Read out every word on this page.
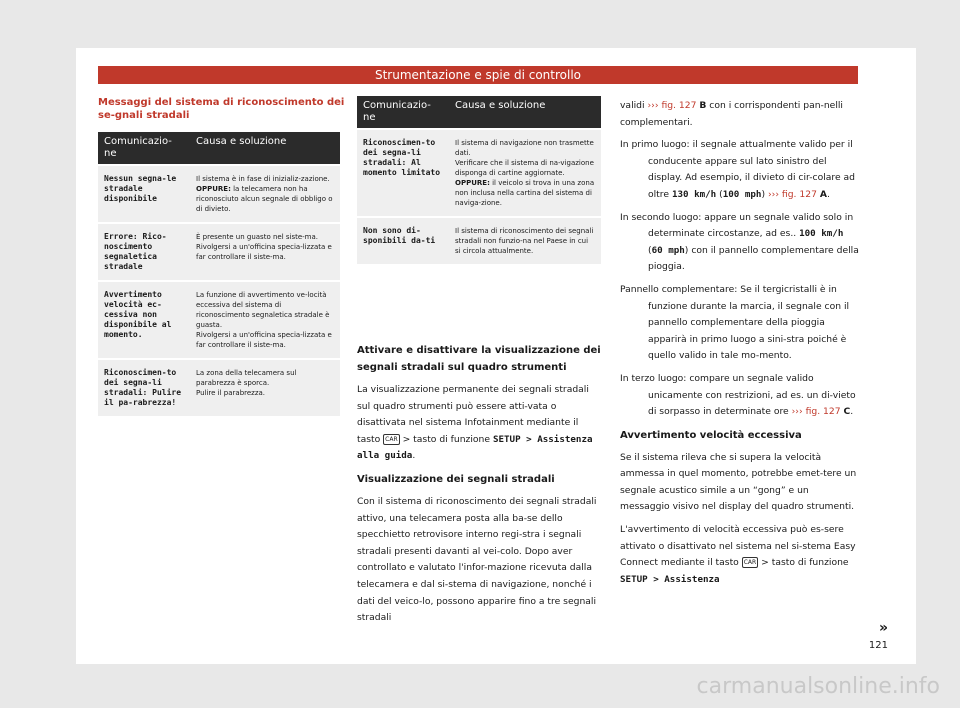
Strumentazione e spie di controllo
Messaggi del sistema di riconoscimento dei se-gnali stradali
Comunicazio-ne	Causa e soluzione
Nessun segna-le stradale disponibile	Il sistema è in fase di inizializ-zazione.
OPPURE: la telecamera non ha riconosciuto alcun segnale di obbligo o di divieto.
Errore: Rico-noscimento segnaletica stradale	È presente un guasto nel siste-ma.
Rivolgersi a un'officina specia-lizzata e far controllare il siste-ma.
Avvertimento velocità ec-cessiva non disponibile al momento.	La funzione di avvertimento ve-locità eccessiva del sistema di riconoscimento segnaletica stradale è guasta.
Rivolgersi a un'officina specia-lizzata e far controllare il siste-ma.
Riconoscimen-to dei segna-li stradali: Pulire il pa-rabrezza!	La zona della telecamera sul parabrezza è sporca.
Pulire il parabrezza.
Comunicazio-ne	Causa e soluzione
Riconoscimen-to dei segna-li stradali: Al momento limitato	Il sistema di navigazione non trasmette dati.
Verificare che il sistema di na-vigazione disponga di cartine aggiornate.
OPPURE: il veicolo si trova in una zona non inclusa nella cartina del sistema di naviga-zione.
Non sono di-sponibili da-ti	Il sistema di riconoscimento dei segnali stradali non funzio-na nel Paese in cui si circola attualmente.

Attivare e disattivare la visualizzazione dei segnali stradali sul quadro strumenti

La visualizzazione permanente dei segnali stradali sul quadro strumenti può essere atti-vata o disattivata nel sistema Infotainment mediante il tasto CAR > tasto di funzione SETUP > Assistenza alla guida.

Visualizzazione dei segnali stradali

Con il sistema di riconoscimento dei segnali stradali attivo, una telecamera posta alla ba-se dello specchietto retrovisore interno regi-stra i segnali stradali presenti davanti al vei-colo. Dopo aver controllato e valutato l'infor-mazione ricevuta dalla telecamera e dal si-stema di navigazione, nonché i dati del veico-lo, possono apparire fino a tre segnali stradali

validi ››› fig. 127 B con i corrispondenti pan-nelli complementari.

In primo luogo: il segnale attualmente valido per il conducente appare sul lato sinistro del display. Ad esempio, il divieto di cir-colare ad oltre 130 km/h (100 mph) ››› fig. 127 A.

In secondo luogo: appare un segnale valido solo in determinate circostanze, ad es.. 100 km/h (60 mph) con il pannello complementare della pioggia.

Pannello complementare: Se il tergicristalli è in funzione durante la marcia, il segnale con il pannello complementare della pioggia apparirà in primo luogo a sini-stra poiché è quello valido in tale mo-mento.

In terzo luogo: compare un segnale valido unicamente con restrizioni, ad es. un di-vieto di sorpasso in determinate ore ››› fig. 127 C.

Avvertimento velocità eccessiva

Se il sistema rileva che si supera la velocità ammessa in quel momento, potrebbe emet-tere un segnale acustico simile a un “gong” e un messaggio visivo nel display del quadro strumenti.

L'avvertimento di velocità eccessiva può es-sere attivato o disattivato nel sistema nel si-stema Easy Connect mediante il tasto CAR > tasto di funzione SETUP > Assistenza

»
121
carmanualsonline.info
